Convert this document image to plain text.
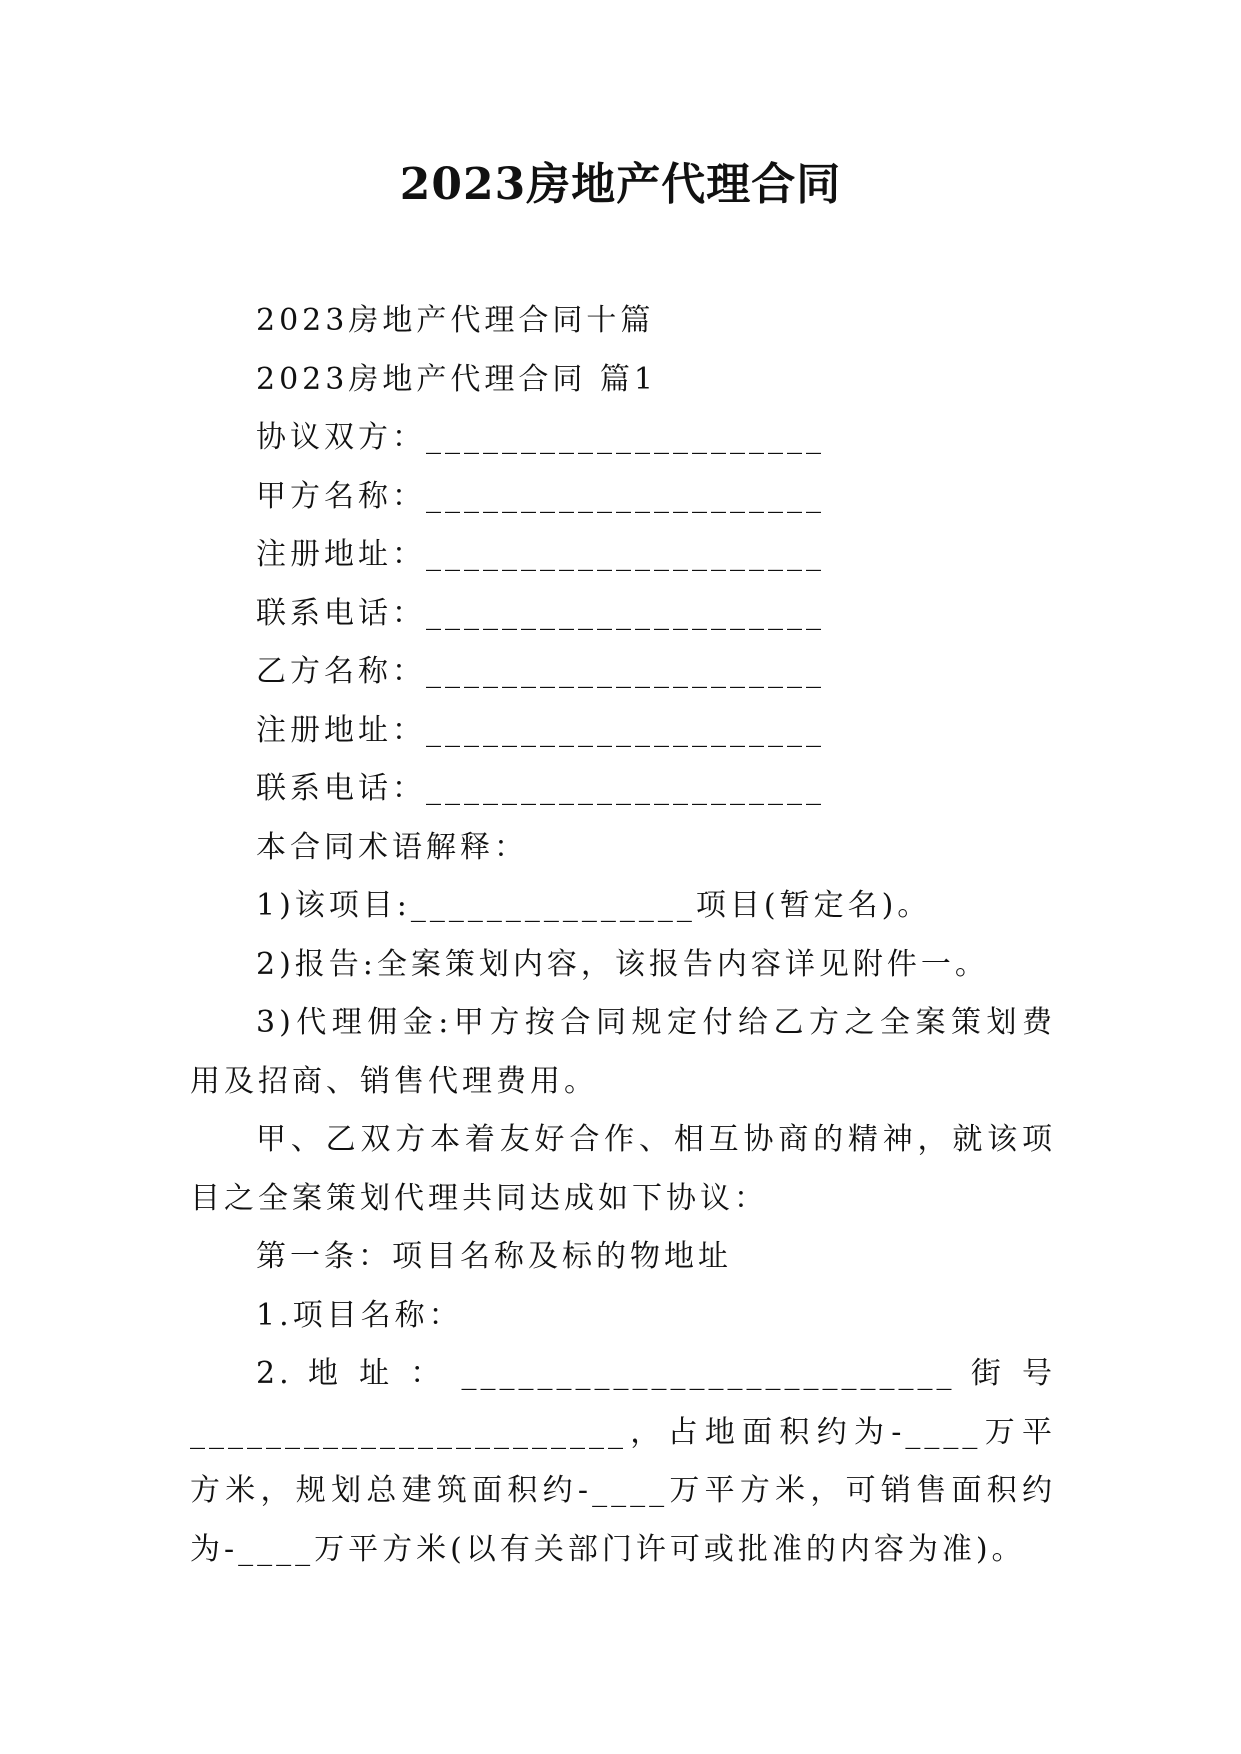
2023房地产代理合同

2023房地产代理合同十篇

2023房地产代理合同 篇1

协议双方：_____________________

甲方名称：_____________________

注册地址：_____________________

联系电话：_____________________

乙方名称：_____________________

注册地址：_____________________

联系电话：_____________________

本合同术语解释：

1)该项目:_______________项目(暂定名)。

2)报告:全案策划内容，该报告内容详见附件一。

3)代理佣金:甲方按合同规定付给乙方之全案策划费用及招商、销售代理费用。

甲、乙双方本着友好合作、相互协商的精神，就该项目之全案策划代理共同达成如下协议：

第一条：项目名称及标的物地址

1.项目名称：

2. 地 址 ： __________________________ 街 号 _______________________，占地面积约为-____万平方米，规划总建筑面积约-____万平方米，可销售面积约为-____万平方米(以有关部门许可或批准的内容为准)。
